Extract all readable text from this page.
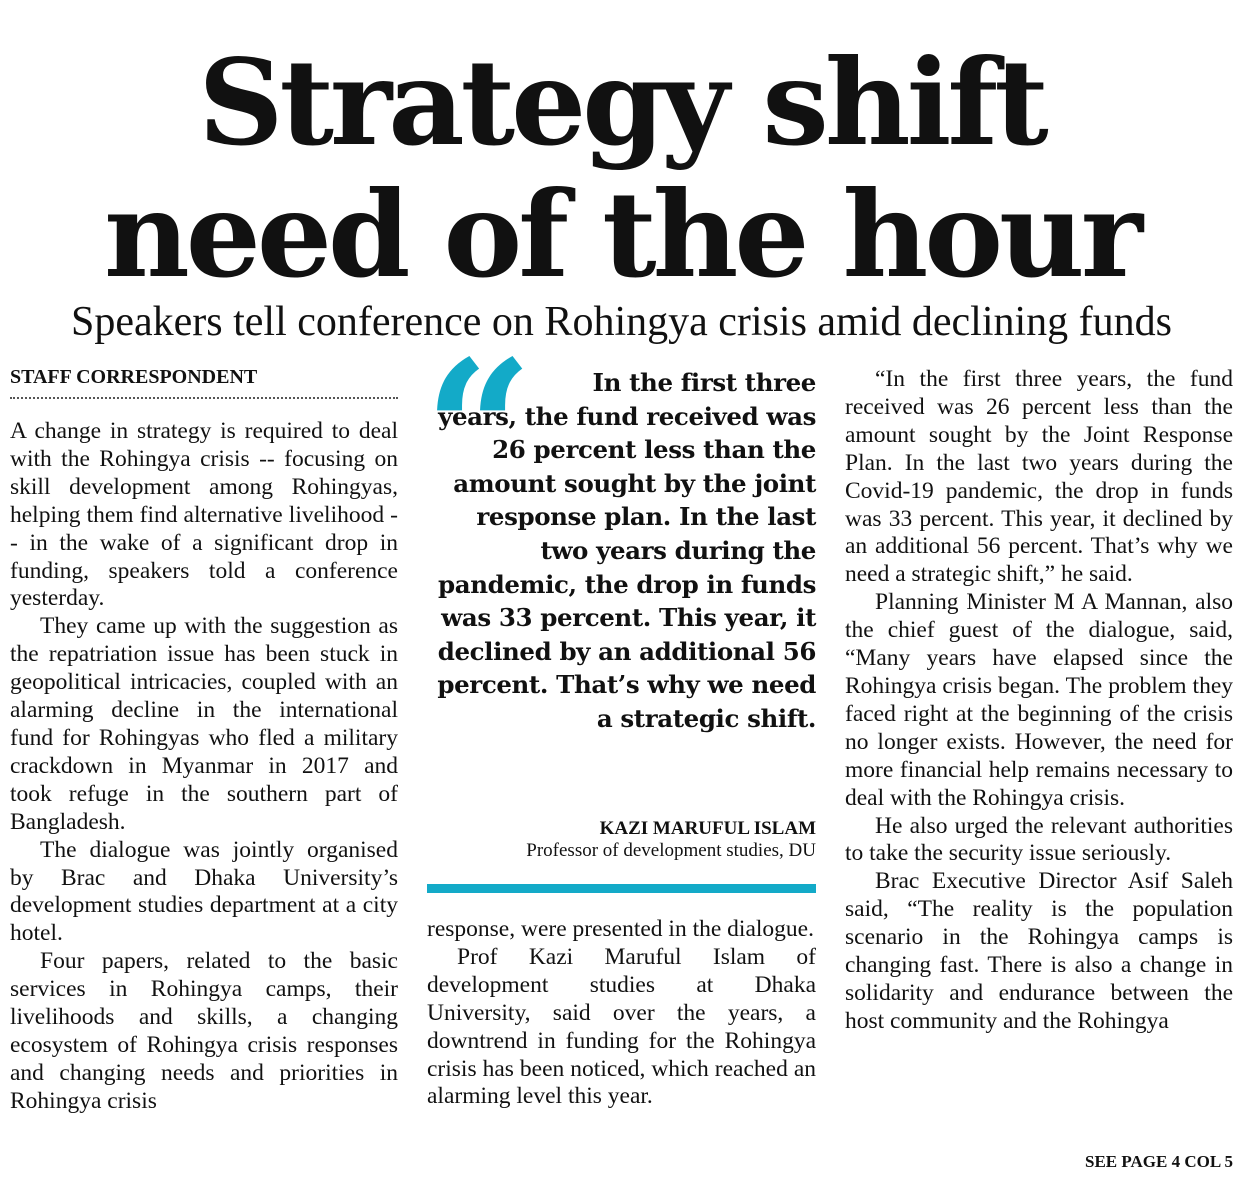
Strategy shift
need of the hour
Speakers tell conference on Rohingya crisis amid declining funds
STAFF CORRESPONDENT

A change in strategy is required to deal with the Rohingya crisis -- focusing on skill development among Rohingyas, helping them find alternative livelihood -- in the wake of a significant drop in funding, speakers told a conference yesterday.

They came up with the suggestion as the repatriation issue has been stuck in geopolitical intricacies, coupled with an alarming decline in the international fund for Rohingyas who fled a military crackdown in Myanmar in 2017 and took refuge in the southern part of Bangladesh.

The dialogue was jointly organised by Brac and Dhaka University’s development studies department at a city hotel.

Four papers, related to the basic services in Rohingya camps, their livelihoods and skills, a changing ecosystem of Rohingya crisis responses and changing needs and priorities in Rohingya crisis

“	In the first three years, the fund received was 26 percent less than the amount sought by the joint response plan. In the last two years during the pandemic, the drop in funds was 33 percent. This year, it declined by an additional 56 percent. That’s why we need a strategic shift.
KAZI MARUFUL ISLAM
Professor of development studies, DU

response, were presented in the dialogue.

Prof Kazi Maruful Islam of development studies at Dhaka University, said over the years, a downtrend in funding for the Rohingya crisis has been noticed, which reached an alarming level this year.

“In the first three years, the fund received was 26 percent less than the amount sought by the Joint Response Plan. In the last two years during the Covid-19 pandemic, the drop in funds was 33 percent. This year, it declined by an additional 56 percent. That’s why we need a strategic shift,” he said.

Planning Minister M A Mannan, also the chief guest of the dialogue, said, “Many years have elapsed since the Rohingya crisis began. The problem they faced right at the beginning of the crisis no longer exists. However, the need for more financial help remains necessary to deal with the Rohingya crisis.

He also urged the relevant authorities to take the security issue seriously.

Brac Executive Director Asif Saleh said, “The reality is the population scenario in the Rohingya camps is changing fast. There is also a change in solidarity and endurance between the host community and the Rohingya

SEE PAGE 4 COL 5
